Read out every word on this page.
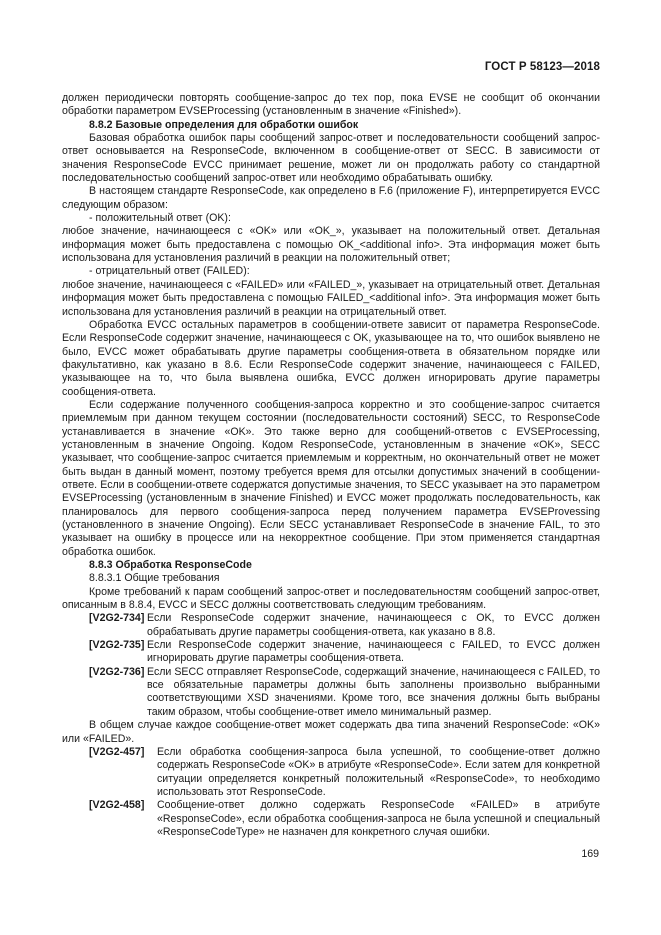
ГОСТ Р 58123—2018

должен периодически повторять сообщение-запрос до тех пор, пока EVSE не сообщит об окончании обработки параметром EVSEProcessing (установленным в значение «Finished»).

8.8.2 Базовые определения для обработки ошибок

Базовая обработка ошибок пары сообщений запрос-ответ и последовательности сообщений запрос-ответ основывается на ResponseCode, включенном в сообщение-ответ от SECC. В зависимости от значения ResponseCode EVCC принимает решение, может ли он продолжать работу со стандартной последовательностью сообщений запрос-ответ или необходимо обрабатывать ошибку.

В настоящем стандарте ResponseCode, как определено в F.6 (приложение F), интерпретируется EVCC следующим образом:

- положительный ответ (OK):

любое значение, начинающееся с «OK» или «OK_», указывает на положительный ответ. Детальная информация может быть предоставлена с помощью OK_<additional info>. Эта информация может быть использована для установления различий в реакции на положительный ответ;

- отрицательный ответ (FAILED):

любое значение, начинающееся с «FAILED» или «FAILED_», указывает на отрицательный ответ. Детальная информация может быть предоставлена с помощью FAILED_<additional info>. Эта информация может быть использована для установления различий в реакции на отрицательный ответ.

Обработка EVCC остальных параметров в сообщении-ответе зависит от параметра ResponseCode. Если ResponseCode содержит значение, начинающееся с OK, указывающее на то, что ошибок выявлено не было, EVCC может обрабатывать другие параметры сообщения-ответа в обязательном порядке или факультативно, как указано в 8.6. Если ResponseCode содержит значение, начинающееся с FAILED, указывающее на то, что была выявлена ошибка, EVCC должен игнорировать другие параметры сообщения-ответа.

Если содержание полученного сообщения-запроса корректно и это сообщение-запрос считается приемлемым при данном текущем состоянии (последовательности состояний) SECC, то ResponseCode устанавливается в значение «OK». Это также верно для сообщений-ответов с EVSEProcessing, установленным в значение Ongoing. Кодом ResponseCode, установленным в значение «OK», SECC указывает, что сообщение-запрос считается приемлемым и корректным, но окончательный ответ не может быть выдан в данный момент, поэтому требуется время для отсылки допустимых значений в сообщении-ответе. Если в сообщении-ответе содержатся допустимые значения, то SECC указывает на это параметром EVSEProcessing (установленным в значение Finished) и EVCC может продолжать последовательность, как планировалось для первого сообщения-запроса перед получением параметра EVSEProvessing (установленного в значение Ongoing). Если SECC устанавливает ResponseCode в значение FAIL, то это указывает на ошибку в процессе или на некорректное сообщение. При этом применяется стандартная обработка ошибок.

8.8.3 Обработка ResponseCode

8.8.3.1 Общие требования

Кроме требований к парам сообщений запрос-ответ и последовательностям сообщений запрос-ответ, описанным в 8.8.4, EVCC и SECC должны соответствовать следующим требованиям.

[V2G2-734] Если ResponseCode содержит значение, начинающееся с OK, то EVCC должен обрабатывать другие параметры сообщения-ответа, как указано в 8.8.
[V2G2-735] Если ResponseCode содержит значение, начинающееся с FAILED, то EVCC должен игнорировать другие параметры сообщения-ответа.
[V2G2-736] Если SECC отправляет ResponseCode, содержащий значение, начинающееся с FAILED, то все обязательные параметры должны быть заполнены произвольно выбранными соответствующими XSD значениями. Кроме того, все значения должны быть выбраны таким образом, чтобы сообщение-ответ имело минимальный размер.

В общем случае каждое сообщение-ответ может содержать два типа значений ResponseCode: «OK» или «FAILED».

[V2G2-457]	Если обработка сообщения-запроса была успешной, то сообщение-ответ должно содержать ResponseCode «OK» в атрибуте «ResponseCode». Если затем для конкретной ситуации определяется конкретный положительный «ResponseCode», то необходимо использовать этот ResponseCode.
[V2G2-458]	Сообщение-ответ должно содержать ResponseCode «FAILED» в атрибуте «ResponseCode», если обработка сообщения-запроса не была успешной и специальный «ResponseCodeType» не назначен для конкретного случая ошибки.
169
